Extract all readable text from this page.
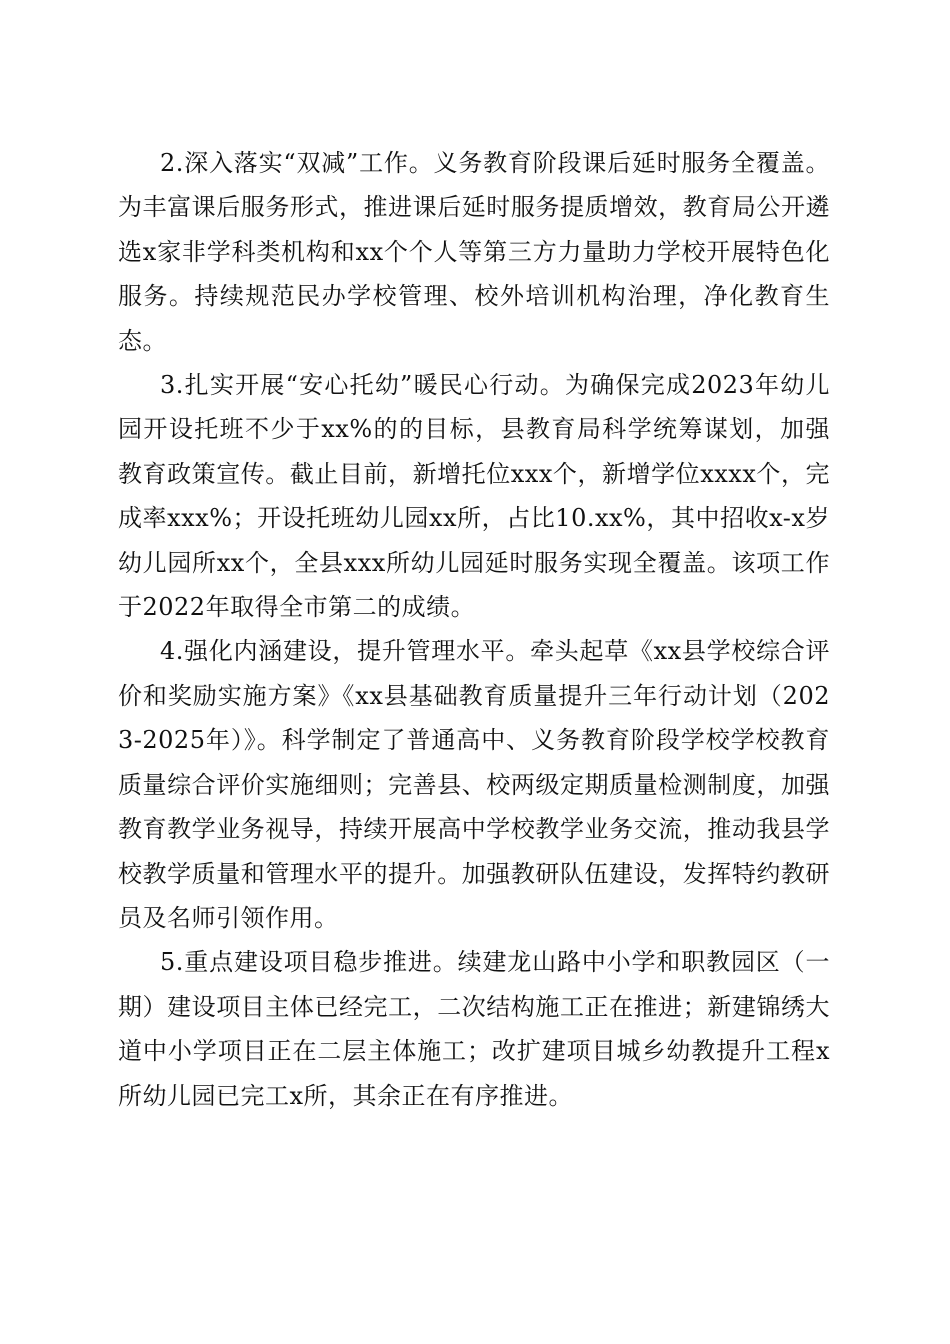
2.深入落实“双减”工作。义务教育阶段课后延时服务全覆盖。为丰富课后服务形式，推进课后延时服务提质增效，教育局公开遴选x家非学科类机构和xx个个人等第三方力量助力学校开展特色化服务。持续规范民办学校管理、校外培训机构治理，净化教育生态。

3.扎实开展“安心托幼”暖民心行动。为确保完成2023年幼儿园开设托班不少于xx%的的目标，县教育局科学统筹谋划，加强教育政策宣传。截止目前，新增托位xxx个，新增学位xxxx个，完成率xxx%；开设托班幼儿园xx所，占比10.xx%，其中招收x-x岁幼儿园所xx个，全县xxx所幼儿园延时服务实现全覆盖。该项工作于2022年取得全市第二的成绩。

4.强化内涵建设，提升管理水平。牵头起草《xx县学校综合评价和奖励实施方案》《xx县基础教育质量提升三年行动计划（2023-2025年）》。科学制定了普通高中、义务教育阶段学校学校教育质量综合评价实施细则；完善县、校两级定期质量检测制度，加强教育教学业务视导，持续开展高中学校教学业务交流，推动我县学校教学质量和管理水平的提升。加强教研队伍建设，发挥特约教研员及名师引领作用。

5.重点建设项目稳步推进。续建龙山路中小学和职教园区（一期）建设项目主体已经完工，二次结构施工正在推进；新建锦绣大道中小学项目正在二层主体施工；改扩建项目城乡幼教提升工程x所幼儿园已完工x所，其余正在有序推进。
